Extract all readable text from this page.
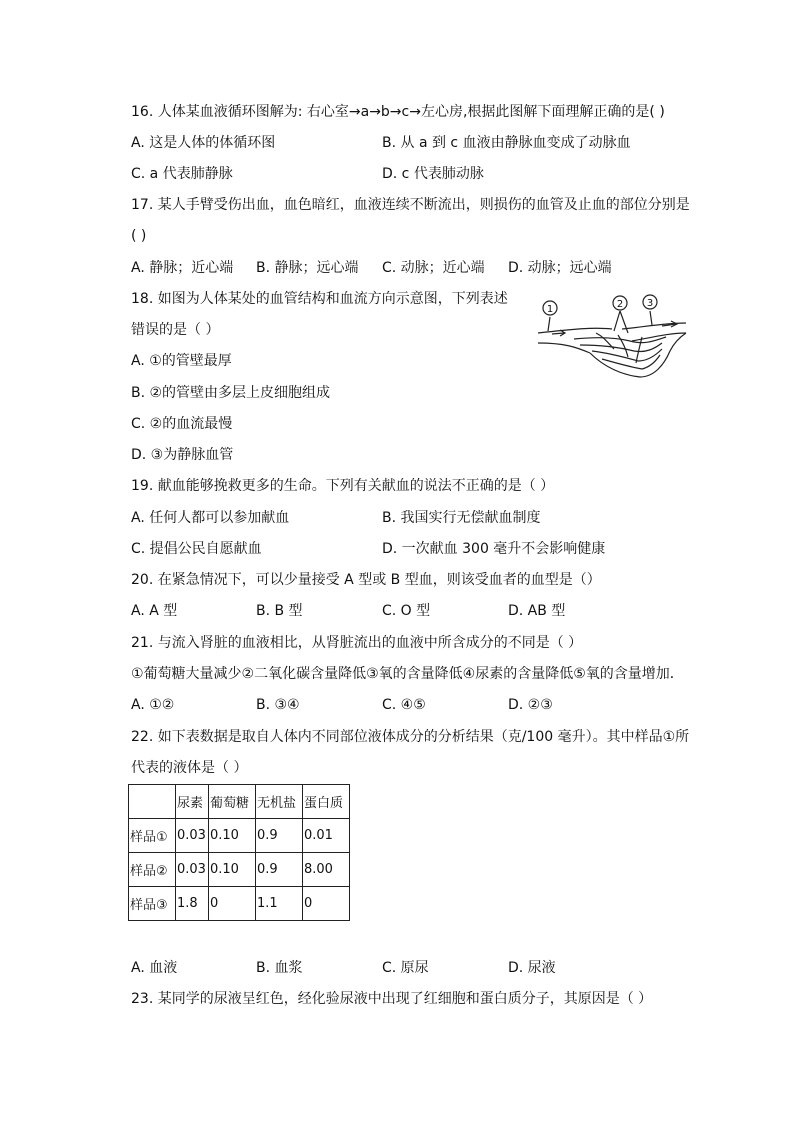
16. 人体某血液循环图解为: 右心室→a→b→c→左心房,根据此图解下面理解正确的是( )
A. 这是人体的体循环图	B. 从 a 到 c 血液由静脉血变成了动脉血
C. a 代表肺静脉	D. c 代表肺动脉
17. 某人手臂受伤出血，血色暗红，血液连续不断流出，则损伤的血管及止血的部位分别是
( )
A. 静脉；近心端 B. 静脉；远心端 C. 动脉；近心端 D. 动脉；远心端
18. 如图为人体某处的血管结构和血流方向示意图，下列表述
错误的是（ ）
A. ①的管壁最厚
B. ②的管壁由多层上皮细胞组成
C. ②的血流最慢
D. ③为静脉血管
1	2 3
19. 献血能够挽救更多的生命。下列有关献血的说法不正确的是（ ）
A. 任何人都可以参加献血	B. 我国实行无偿献血制度
C. 提倡公民自愿献血	D. 一次献血 300 毫升不会影响健康
20. 在紧急情况下，可以少量接受 A 型或 B 型血，则该受血者的血型是（）
A. A 型	B. B 型	C. O 型	D. AB 型
21. 与流入肾脏的血液相比，从肾脏流出的血液中所含成分的不同是（ ）
①葡萄糖大量减少②二氧化碳含量降低③氧的含量降低④尿素的含量降低⑤氧的含量增加．
A. ①②	B. ③④	C. ④⑤	D. ②③
22. 如下表数据是取自人体内不同部位液体成分的分析结果（克/100 毫升）。其中样品①所
代表的液体是（ ）
	尿素	葡萄糖	无机盐	蛋白质
样品①	0.03	0.10	0.9	0.01
样品②	0.03	0.10	0.9	8.00
样品③	1.8	0	1.1	0
A. 血液	B. 血浆	C. 原尿	D. 尿液
23. 某同学的尿液呈红色，经化验尿液中出现了红细胞和蛋白质分子，其原因是（ ）
